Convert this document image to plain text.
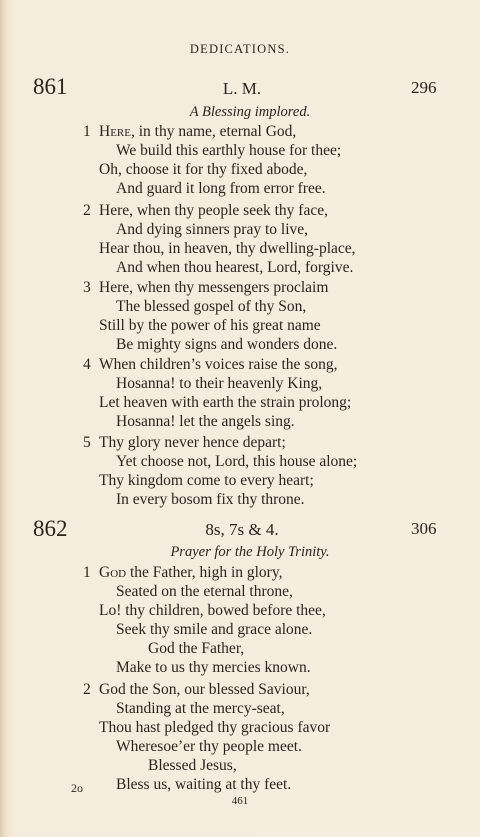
DEDICATIONS.
861	L. M.	296
A Blessing implored.
1 Here, in thy name, eternal God,
We build this earthly house for thee;
Oh, choose it for thy fixed abode,
And guard it long from error free.
2 Here, when thy people seek thy face,
And dying sinners pray to live,
Hear thou, in heaven, thy dwelling-place,
And when thou hearest, Lord, forgive.
3 Here, when thy messengers proclaim
The blessed gospel of thy Son,
Still by the power of his great name
Be mighty signs and wonders done.
4 When children’s voices raise the song,
Hosanna! to their heavenly King,
Let heaven with earth the strain prolong;
Hosanna! let the angels sing.
5 Thy glory never hence depart;
Yet choose not, Lord, this house alone;
Thy kingdom come to every heart;
In every bosom fix thy throne.
862	8s, 7s & 4.	306
Prayer for the Holy Trinity.
1 God the Father, high in glory,
Seated on the eternal throne,
Lo! thy children, bowed before thee,
Seek thy smile and grace alone.
God the Father,
Make to us thy mercies known.
2 God the Son, our blessed Saviour,
Standing at the mercy-seat,
Thou hast pledged thy gracious favor
Wheresoe’er thy people meet.
Blessed Jesus,
Bless us, waiting at thy feet.
2o
461
